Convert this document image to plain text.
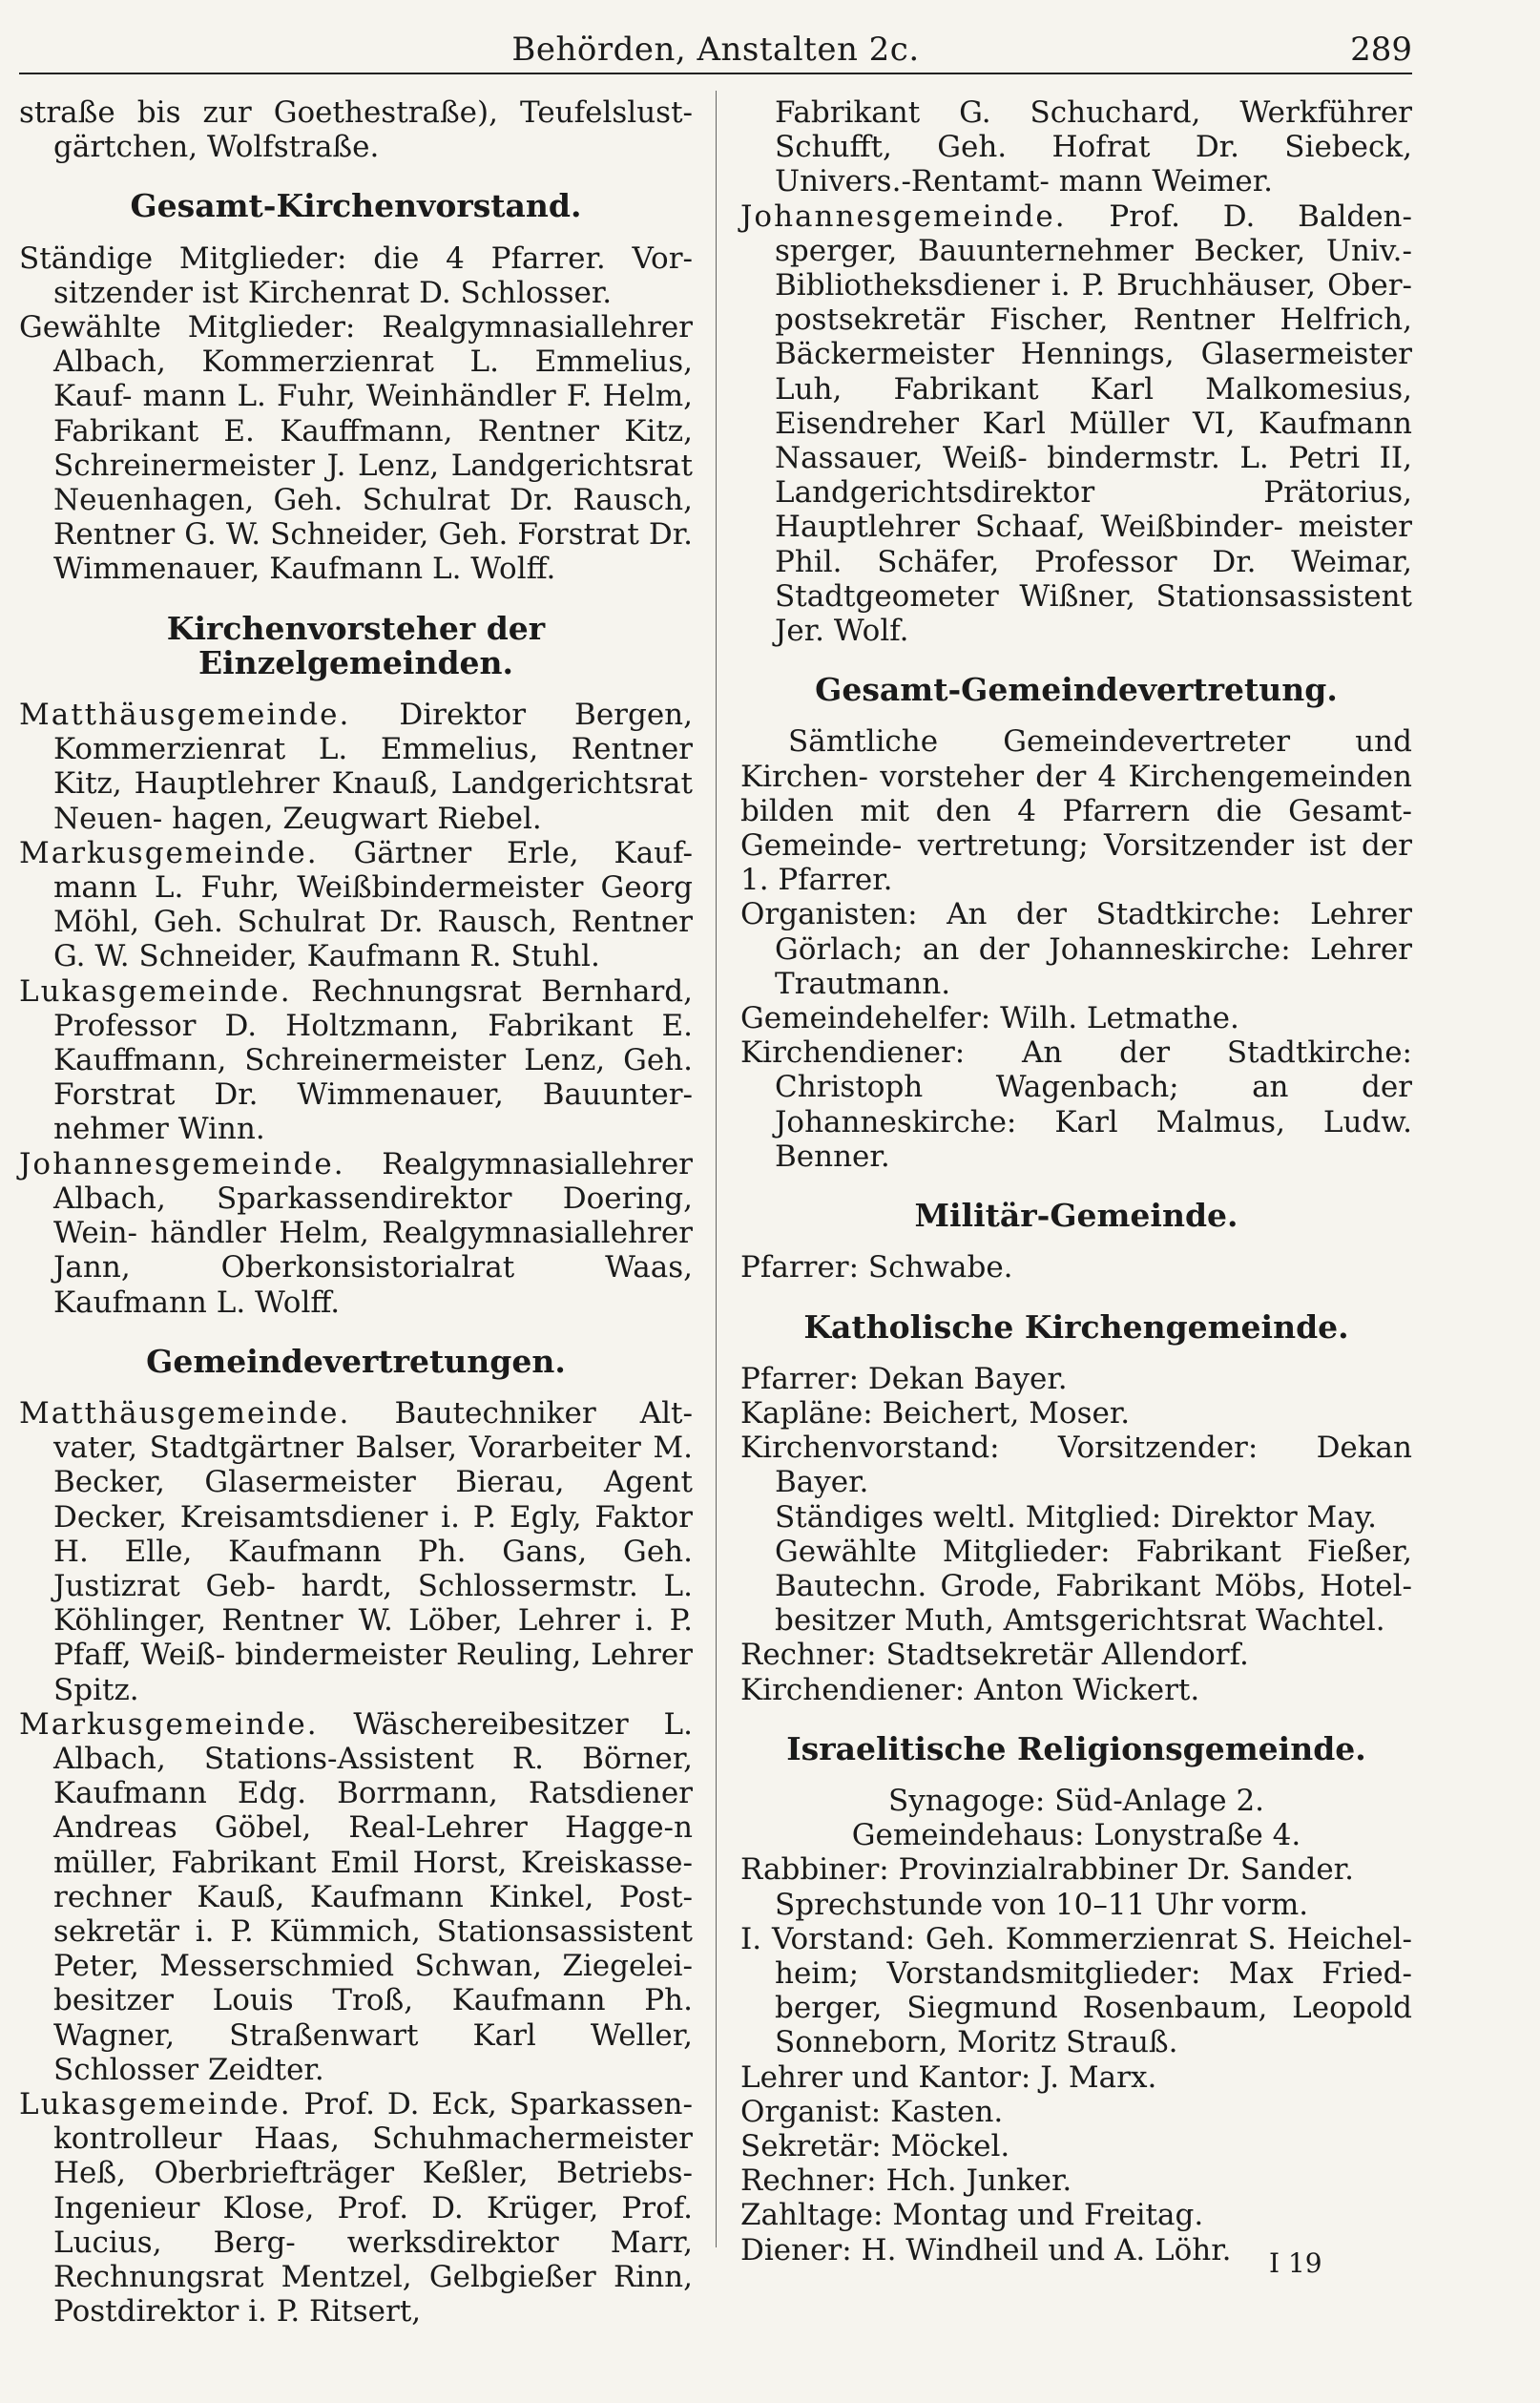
Behörden, Anstalten 2c.	289

straße bis zur Goethestraße), Teufelslust- gärtchen, Wolfstraße.

Gesamt-Kirchenvorstand.

Ständige Mitglieder: die 4 Pfarrer. Vor- sitzender ist Kirchenrat D. Schlosser.

Gewählte Mitglieder: Realgymnasiallehrer Albach, Kommerzienrat L. Emmelius, Kauf- mann L. Fuhr, Weinhändler F. Helm, Fabrikant E. Kauffmann, Rentner Kitz, Schreinermeister J. Lenz, Landgerichtsrat Neuenhagen, Geh. Schulrat Dr. Rausch, Rentner G. W. Schneider, Geh. Forstrat Dr. Wimmenauer, Kaufmann L. Wolff.

Kirchenvorsteher der Einzelgemeinden.

Matthäusgemeinde. Direktor Bergen, Kommerzienrat L. Emmelius, Rentner Kitz, Hauptlehrer Knauß, Landgerichtsrat Neuen- hagen, Zeugwart Riebel.

Markusgemeinde. Gärtner Erle, Kauf- mann L. Fuhr, Weißbindermeister Georg Möhl, Geh. Schulrat Dr. Rausch, Rentner G. W. Schneider, Kaufmann R. Stuhl.

Lukasgemeinde. Rechnungsrat Bernhard, Professor D. Holtzmann, Fabrikant E. Kauffmann, Schreinermeister Lenz, Geh. Forstrat Dr. Wimmenauer, Bauunter- nehmer Winn.

Johannesgemeinde. Realgymnasiallehrer Albach, Sparkassendirektor Doering, Wein- händler Helm, Realgymnasiallehrer Jann, Oberkonsistorialrat Waas, Kaufmann L. Wolff.

Gemeindevertretungen.

Matthäusgemeinde. Bautechniker Alt- vater, Stadtgärtner Balser, Vorarbeiter M. Becker, Glasermeister Bierau, Agent Decker, Kreisamtsdiener i. P. Egly, Faktor H. Elle, Kaufmann Ph. Gans, Geh. Justizrat Geb- hardt, Schlossermstr. L. Köhlinger, Rentner W. Löber, Lehrer i. P. Pfaff, Weiß- bindermeister Reuling, Lehrer Spitz.

Markusgemeinde. Wäschereibesitzer L. Albach, Stations-Assistent R. Börner, Kaufmann Edg. Borrmann, Ratsdiener Andreas Göbel, Real-Lehrer Hagge-n müller, Fabrikant Emil Horst, Kreiskasse- rechner Kauß, Kaufmann Kinkel, Post- sekretär i. P. Kümmich, Stationsassistent Peter, Messerschmied Schwan, Ziegelei- besitzer Louis Troß, Kaufmann Ph. Wagner, Straßenwart Karl Weller, Schlosser Zeidter.

Lukasgemeinde. Prof. D. Eck, Sparkassen- kontrolleur Haas, Schuhmachermeister Heß, Oberbriefträger Keßler, Betriebs-Ingenieur Klose, Prof. D. Krüger, Prof. Lucius, Berg- werksdirektor Marr, Rechnungsrat Mentzel, Gelbgießer Rinn, Postdirektor i. P. Ritsert,

Fabrikant G. Schuchard, Werkführer Schufft, Geh. Hofrat Dr. Siebeck, Univers.-Rentamt- mann Weimer.

Johannesgemeinde. Prof. D. Balden- sperger, Bauunternehmer Becker, Univ.- Bibliotheksdiener i. P. Bruchhäuser, Ober- postsekretär Fischer, Rentner Helfrich, Bäckermeister Hennings, Glasermeister Luh, Fabrikant Karl Malkomesius, Eisendreher Karl Müller VI, Kaufmann Nassauer, Weiß- bindermstr. L. Petri II, Landgerichtsdirektor Prätorius, Hauptlehrer Schaaf, Weißbinder- meister Phil. Schäfer, Professor Dr. Weimar, Stadtgeometer Wißner, Stationsassistent Jer. Wolf.

Gesamt-Gemeindevertretung.

Sämtliche Gemeindevertreter und Kirchen- vorsteher der 4 Kirchengemeinden bilden mit den 4 Pfarrern die Gesamt-Gemeinde- vertretung; Vorsitzender ist der 1. Pfarrer.

Organisten: An der Stadtkirche: Lehrer Görlach; an der Johanneskirche: Lehrer Trautmann.

Gemeindehelfer: Wilh. Letmathe.

Kirchendiener: An der Stadtkirche: Christoph Wagenbach; an der Johanneskirche: Karl Malmus, Ludw. Benner.

Militär-Gemeinde.

Pfarrer: Schwabe.

Katholische Kirchengemeinde.

Pfarrer: Dekan Bayer.

Kapläne: Beichert, Moser.

Kirchenvorstand: Vorsitzender: Dekan Bayer.

Ständiges weltl. Mitglied: Direktor May.

Gewählte Mitglieder: Fabrikant Fießer, Bautechn. Grode, Fabrikant Möbs, Hotel- besitzer Muth, Amtsgerichtsrat Wachtel.

Rechner: Stadtsekretär Allendorf.

Kirchendiener: Anton Wickert.

Israelitische Religionsgemeinde.

Synagoge: Süd-Anlage 2.

Gemeindehaus: Lonystraße 4.

Rabbiner: Provinzialrabbiner Dr. Sander.

Sprechstunde von 10–11 Uhr vorm.

I. Vorstand: Geh. Kommerzienrat S. Heichel- heim; Vorstandsmitglieder: Max Fried- berger, Siegmund Rosenbaum, Leopold Sonneborn, Moritz Strauß.

Lehrer und Kantor: J. Marx.

Organist: Kasten.

Sekretär: Möckel.

Rechner: Hch. Junker.

Zahltage: Montag und Freitag.

Diener: H. Windheil und A. Löhr.	I 19
